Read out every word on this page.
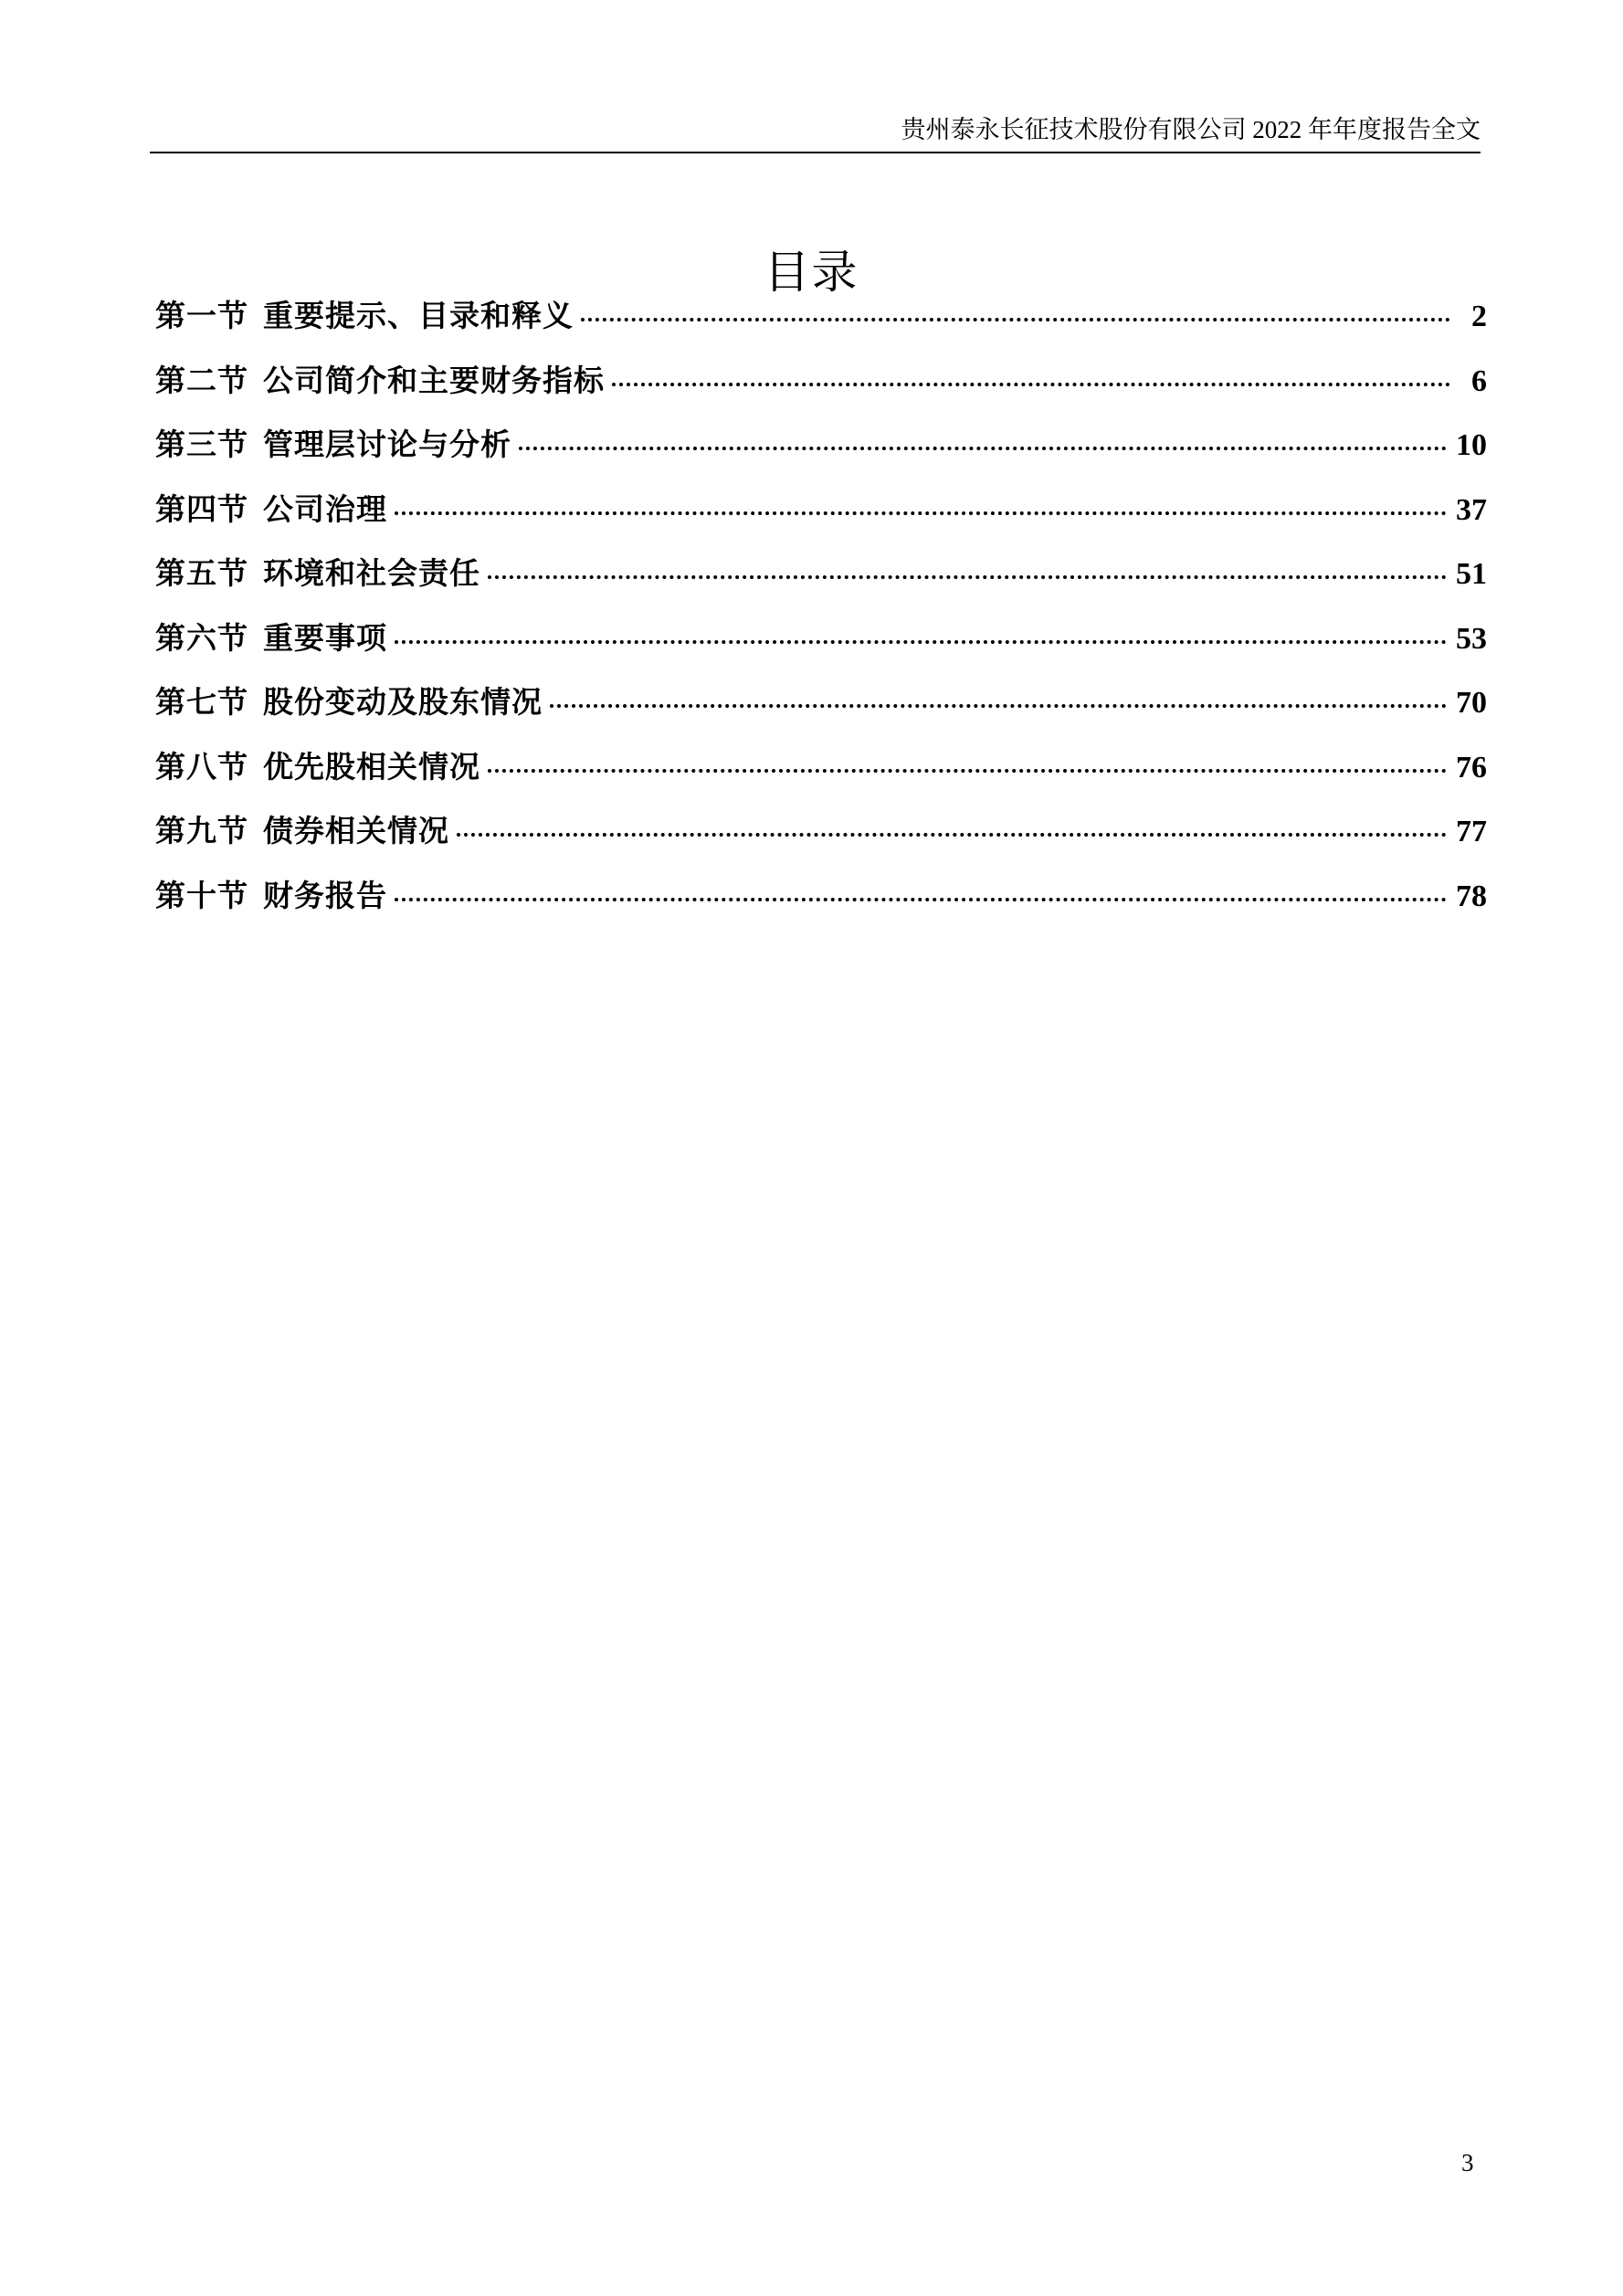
贵州泰永长征技术股份有限公司 2022 年年度报告全文
目录
第一节 重要提示、目录和释义	2
第二节 公司简介和主要财务指标	6
第三节 管理层讨论与分析	10
第四节 公司治理	37
第五节 环境和社会责任	51
第六节 重要事项	53
第七节 股份变动及股东情况	70
第八节 优先股相关情况	76
第九节 债券相关情况	77
第十节 财务报告	78
3
